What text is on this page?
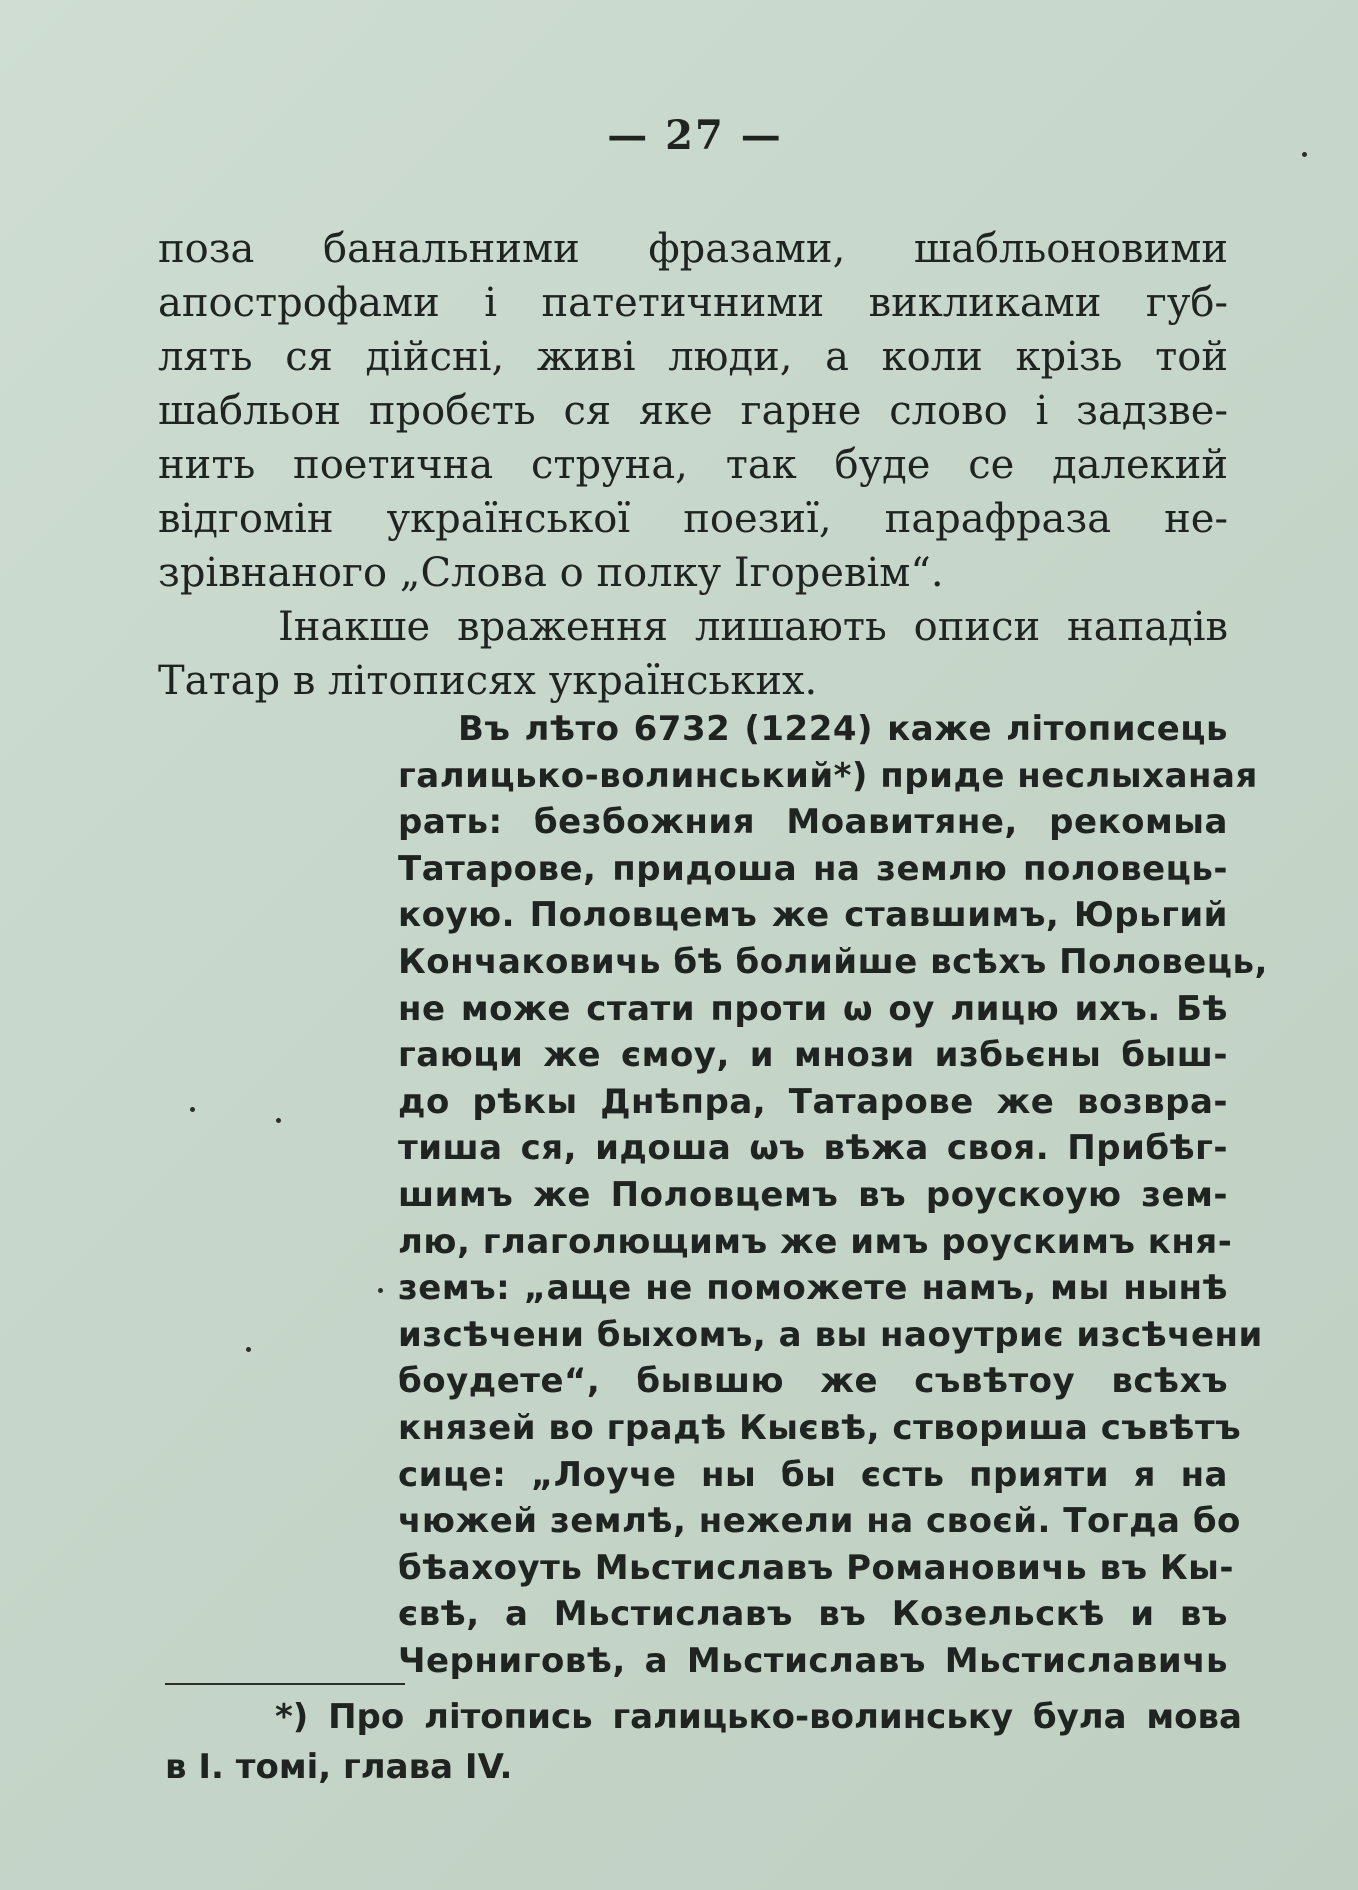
— 27 —
поза банальними фразами, шабльоновими
апострофами і патетичними викликами губ-
лять ся дійсні, живі люди, а коли крізь той
шабльон пробєть ся яке гарне слово і задзве-
нить поетична струна, так буде се далекий
відгомін української поезиї, парафраза не-
зрівнаного „Слова о полку Ігоревім“.
Інакше враження лишають описи нападів
Татар в літописях українських.
Въ лѣто 6732 (1224) каже літописець
галицько-волинський*) приде неслыханая
рать: безбожния Моавитяне, рекомыа
Татарове, придоша на землю половець-
коую. Половцемъ же ставшимъ, Юрьгий
Кончаковичь бѣ болийше всѣхъ Половець,
не може стати проти ѡ оу лицю ихъ. Бѣ
гаюци же ємоу, и мнози избьєны быш-
до рѣкы Днѣпра, Татарове же возвра-
тиша ся, идоша ѡъ вѣжа своя. Прибѣг-
шимъ же Половцемъ въ роускоую зем-
лю, глаголющимъ же имъ роускимъ кня-
земъ: „аще не поможете намъ, мы нынѣ
изсѣчени быхомъ, а вы наоутриє изсѣчени
боудете“, бывшю же съвѣтоу всѣхъ
князей во градѣ Кыєвѣ, створиша съвѣтъ
сице: „Лоуче ны бы єсть прияти я на
чюжей землѣ, нежели на своєй. Тогда бо
бѣахоуть Мьстиславъ Романовичь въ Кы-
євѣ, а Мьстиславъ въ Козельскѣ и въ
Черниговѣ, а Мьстиславъ Мьстиславичь
*) Про літопись галицько-волинську була мова
в І. томі, глава IV.
